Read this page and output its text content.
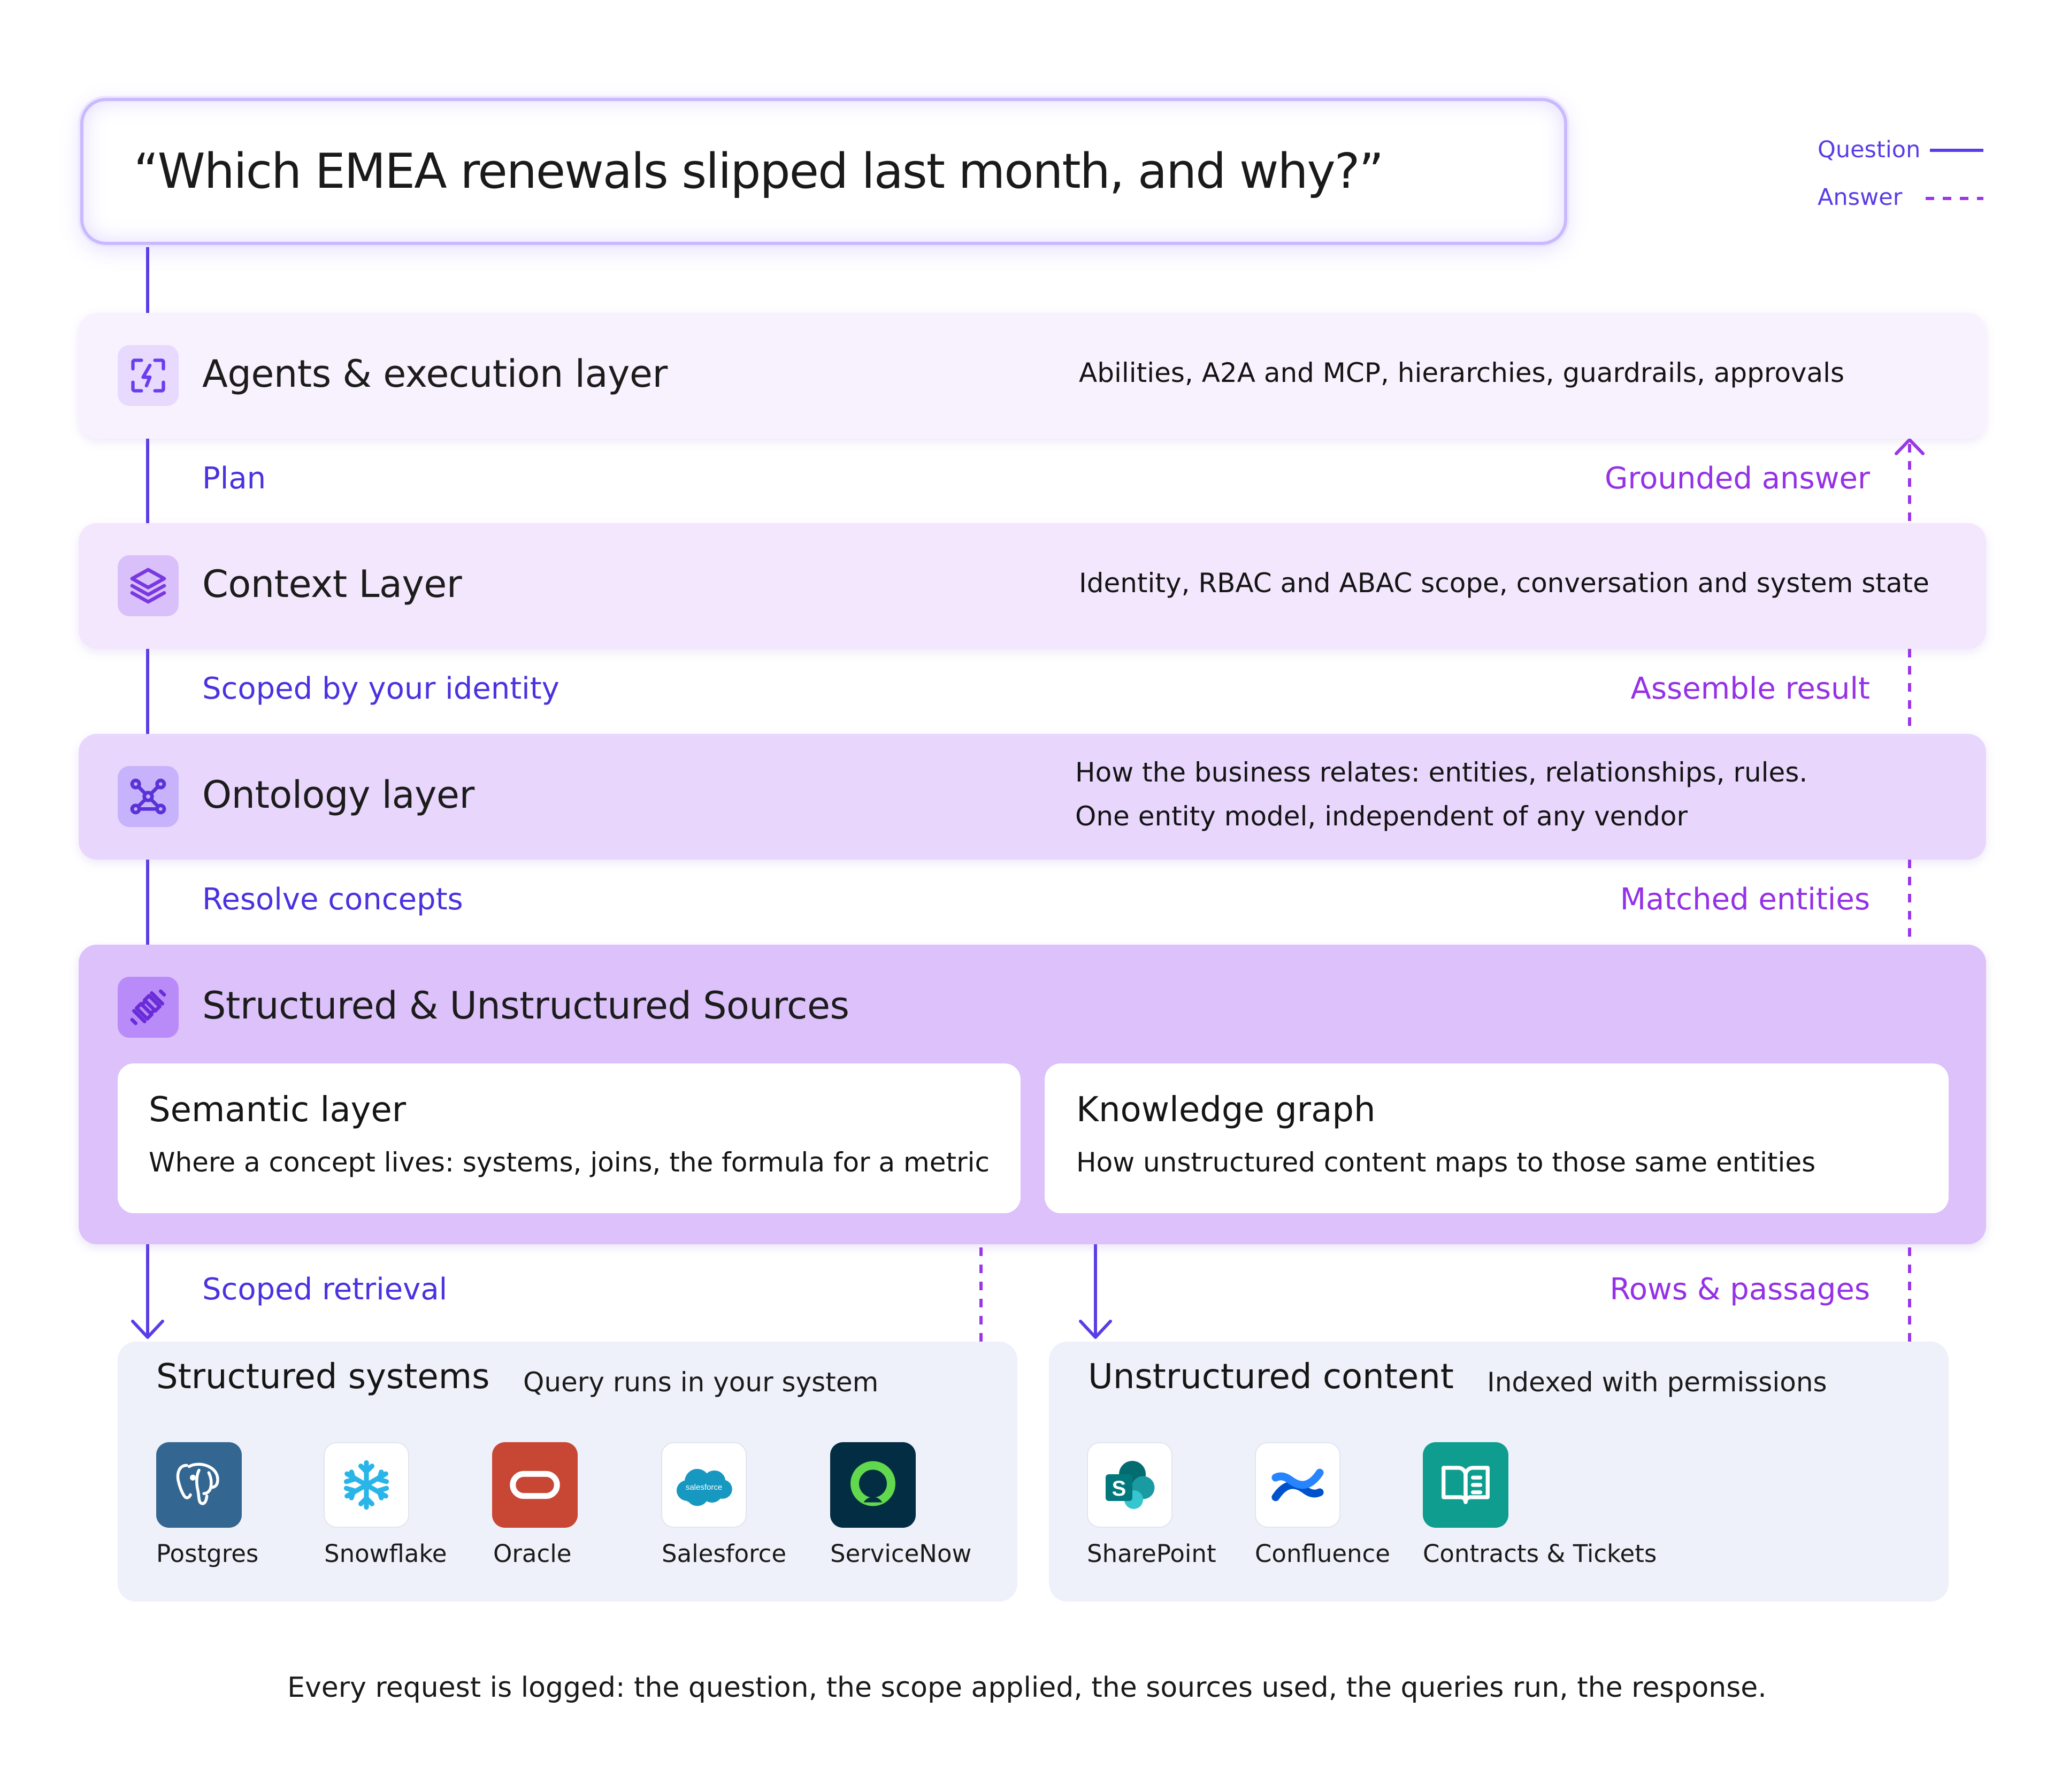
“Which EMEA renewals slipped last month, and why?”	Question
Answer
Agents & execution layer	Abilities, A2A and MCP, hierarchies, guardrails, approvals
Plan	Grounded answer
Context Layer	Identity, RBAC and ABAC scope, conversation and system state
Scoped by your identity	Assemble result
Ontology layer
How the business relates: entities, relationships, rules.
One entity model, independent of any vendor
Resolve concepts	Matched entities
Structured & Unstructured Sources
Semantic layer
Where a concept lives: systems, joins, the formula for a metric
Knowledge graph
How unstructured content maps to those same entities
Scoped retrieval	Rows & passages
Structured systems Query runs in your system
salesforce
Postgres	Snowflake Oracle	Salesforce ServiceNow
Unstructured content Indexed with permissions
S
SharePoint Confluence Contracts & Tickets
Every request is logged: the question, the scope applied, the sources used, the queries run, the response.
